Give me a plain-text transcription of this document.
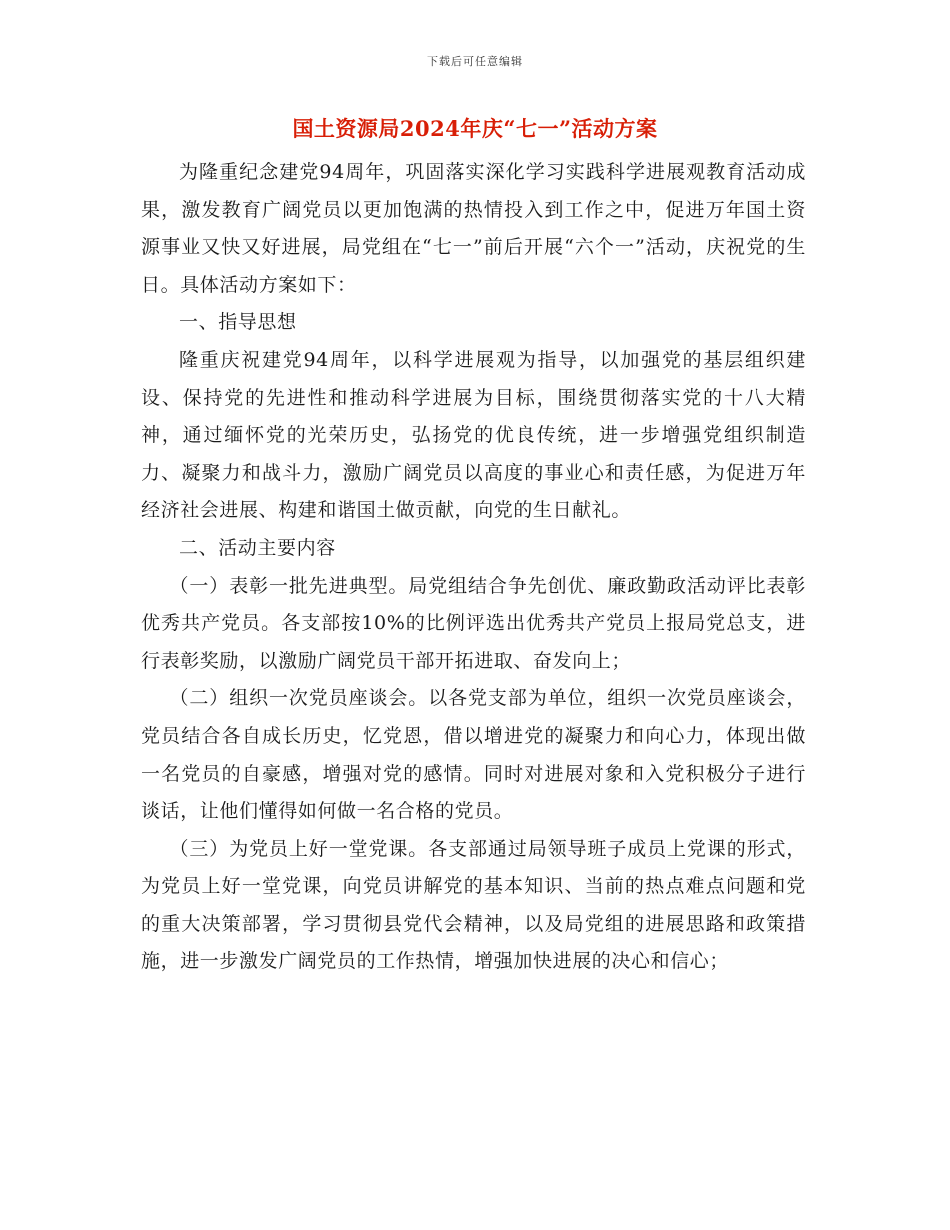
下载后可任意编辑
国土资源局2024年庆“七一”活动方案

为隆重纪念建党94周年，巩固落实深化学习实践科学进展观教育活动成果，激发教育广阔党员以更加饱满的热情投入到工作之中，促进万年国土资源事业又快又好进展，局党组在“七一”前后开展“六个一”活动，庆祝党的生日。具体活动方案如下：

一、指导思想

隆重庆祝建党94周年，以科学进展观为指导，以加强党的基层组织建设、保持党的先进性和推动科学进展为目标，围绕贯彻落实党的十八大精神，通过缅怀党的光荣历史，弘扬党的优良传统，进一步增强党组织制造力、凝聚力和战斗力，激励广阔党员以高度的事业心和责任感，为促进万年经济社会进展、构建和谐国土做贡献，向党的生日献礼。

二、活动主要内容

（一）表彰一批先进典型。局党组结合争先创优、廉政勤政活动评比表彰优秀共产党员。各支部按10%的比例评选出优秀共产党员上报局党总支，进行表彰奖励，以激励广阔党员干部开拓进取、奋发向上；

（二）组织一次党员座谈会。以各党支部为单位，组织一次党员座谈会，党员结合各自成长历史，忆党恩，借以增进党的凝聚力和向心力，体现出做一名党员的自豪感，增强对党的感情。同时对进展对象和入党积极分子进行谈话，让他们懂得如何做一名合格的党员。

（三）为党员上好一堂党课。各支部通过局领导班子成员上党课的形式，为党员上好一堂党课，向党员讲解党的基本知识、当前的热点难点问题和党的重大决策部署，学习贯彻县党代会精神，以及局党组的进展思路和政策措施，进一步激发广阔党员的工作热情，增强加快进展的决心和信心；
